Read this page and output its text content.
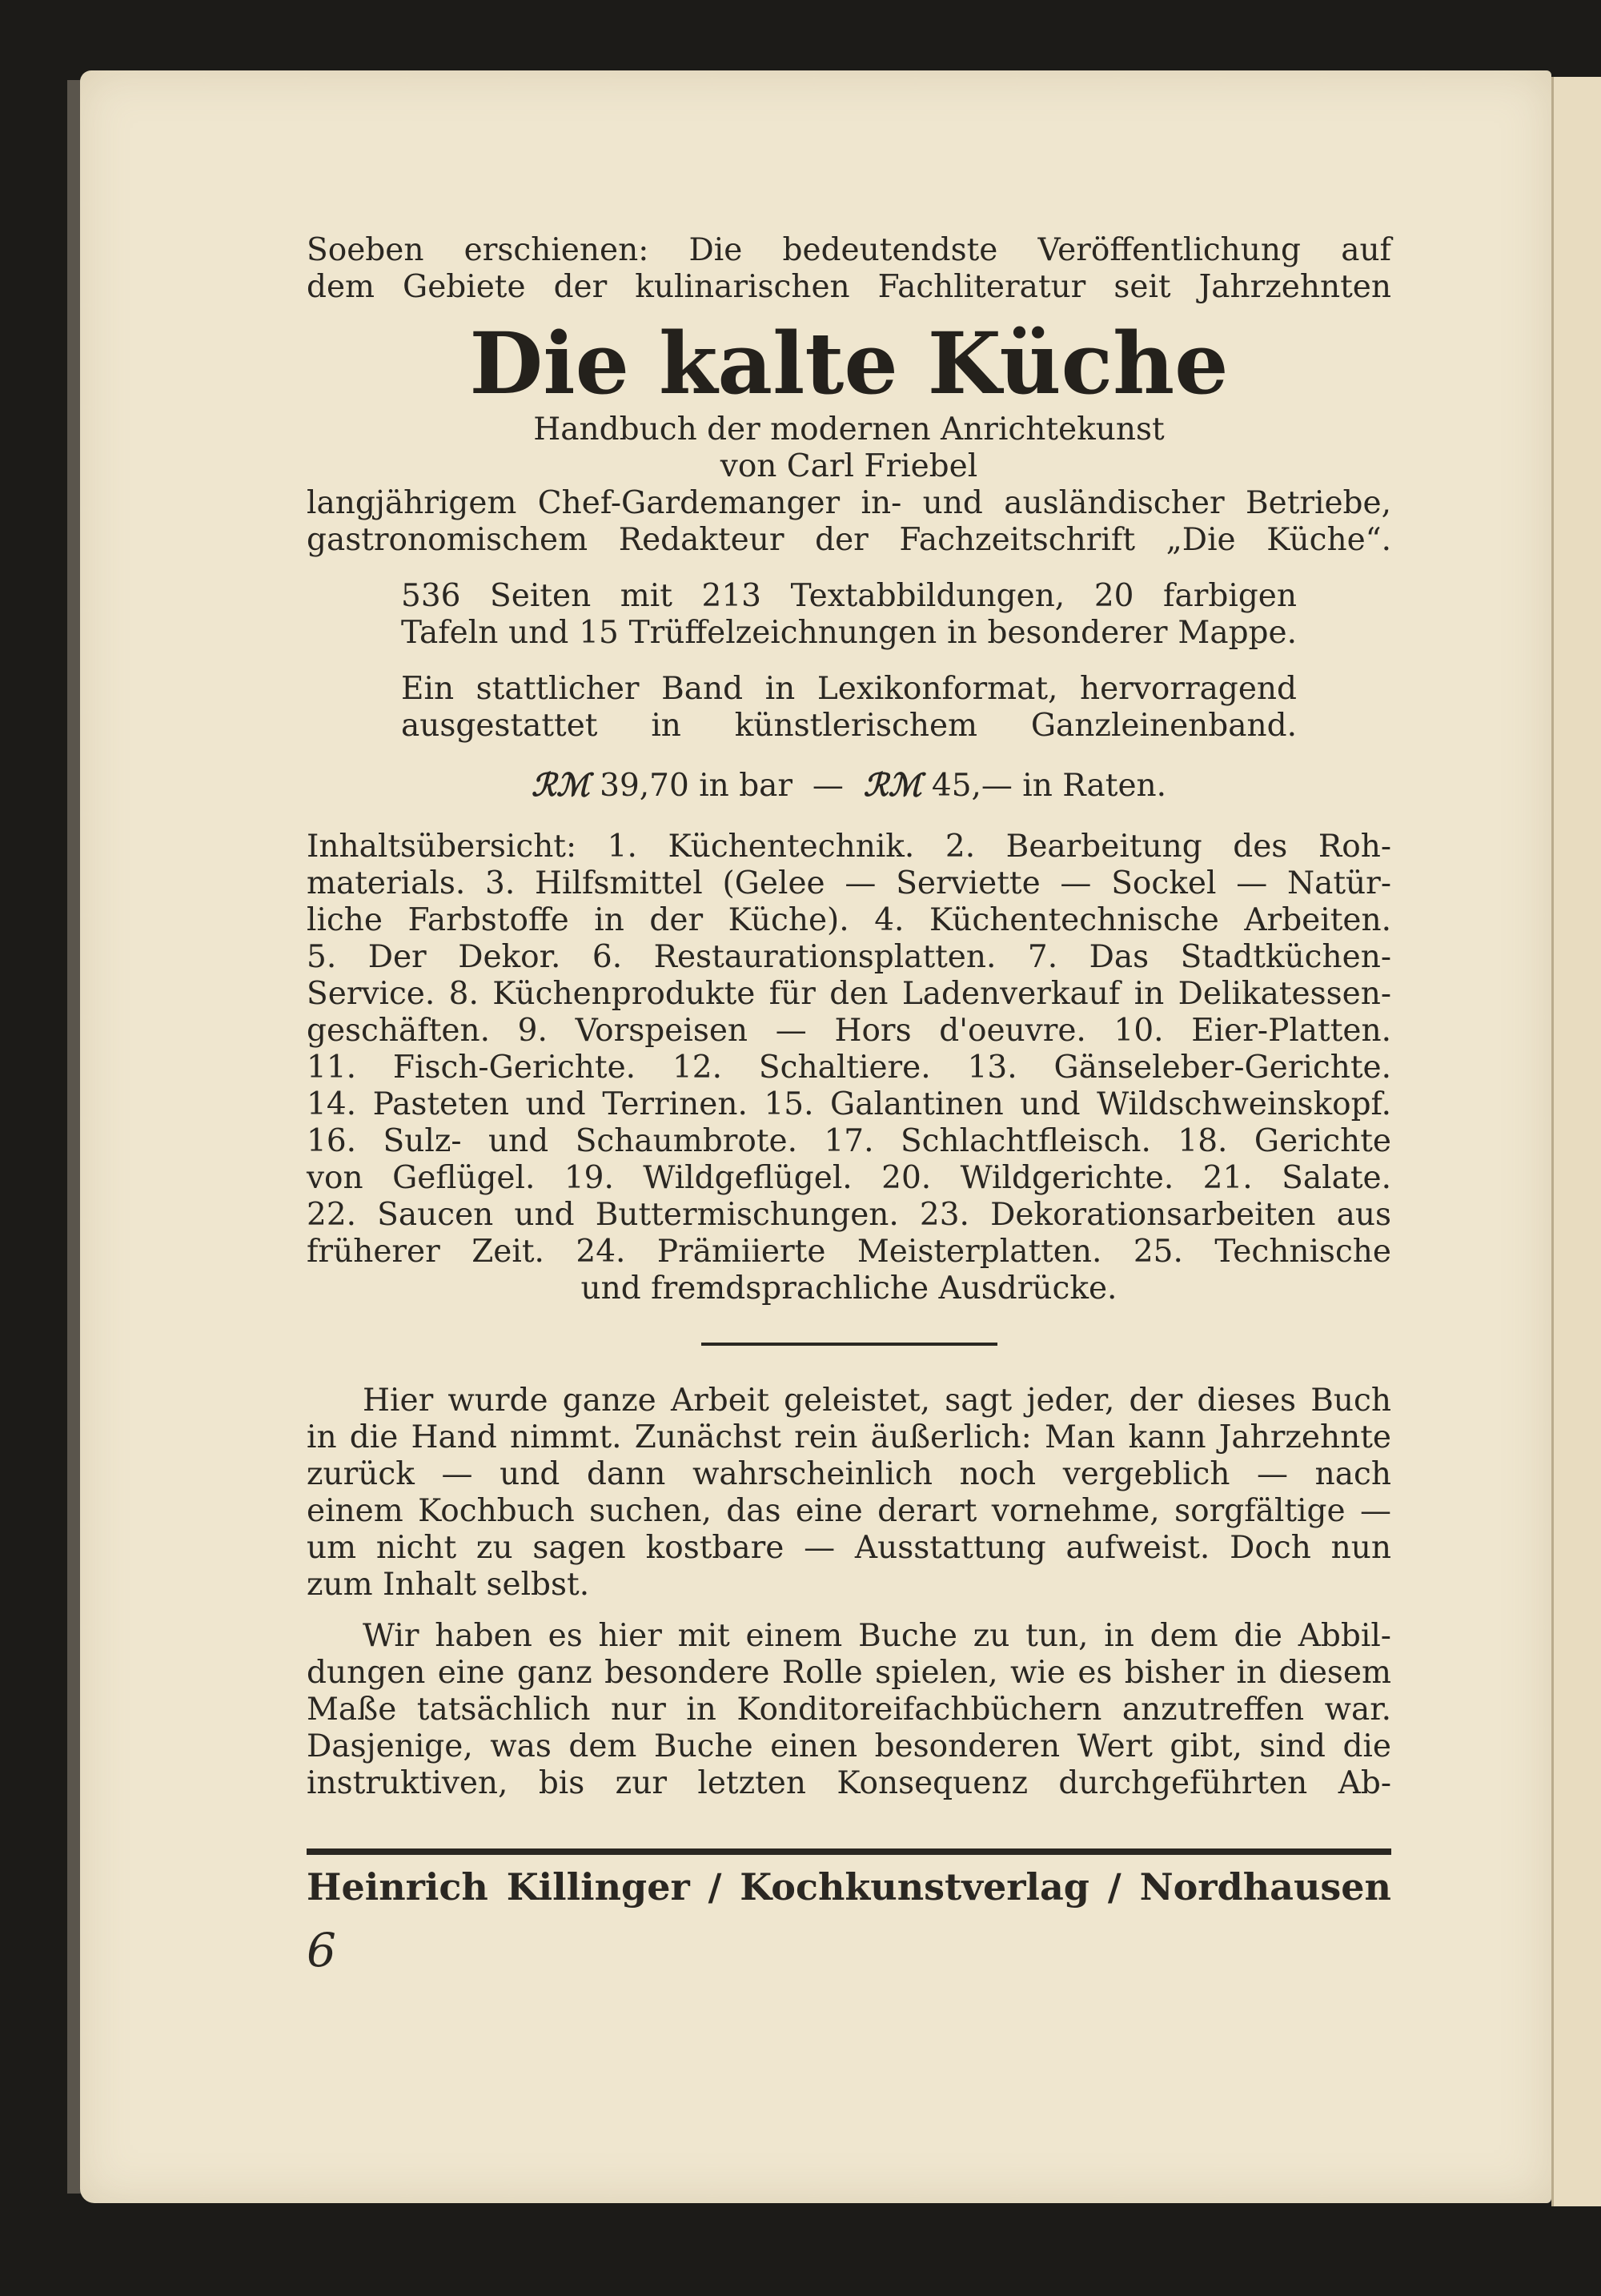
Soeben erschienen: Die bedeutendste Veröffentlichung auf
dem Gebiete der kulinarischen Fachliteratur seit Jahrzehnten
Die kalte Küche
Handbuch der modernen Anrichtekunst
von Carl Friebel
langjährigem Chef-Gardemanger in- und ausländischer Betriebe,
gastronomischem Redakteur der Fachzeitschrift „Die Küche“.
536 Seiten mit 213 Textabbildungen, 20 farbigen
Tafeln und 15 Trüffelzeichnungen in besonderer Mappe.
Ein stattlicher Band in Lexikonformat, hervorragend
ausgestattet in künstlerischem Ganzleinenband.
ℛℳ 39,70 in bar — ℛℳ 45,— in Raten.
Inhaltsübersicht: 1. Küchentechnik. 2. Bearbeitung des Roh-
materials. 3. Hilfsmittel (Gelee — Serviette — Sockel — Natür-
liche Farbstoffe in der Küche). 4. Küchentechnische Arbeiten.
5. Der Dekor. 6. Restaurationsplatten. 7. Das Stadtküchen-
Service. 8. Küchenprodukte für den Ladenverkauf in Delikatessen-
geschäften. 9. Vorspeisen — Hors d'oeuvre. 10. Eier-Platten.
11. Fisch-Gerichte. 12. Schaltiere. 13. Gänseleber-Gerichte.
14. Pasteten und Terrinen. 15. Galantinen und Wildschweinskopf.
16. Sulz- und Schaumbrote. 17. Schlachtfleisch. 18. Gerichte
von Geflügel. 19. Wildgeflügel. 20. Wildgerichte. 21. Salate.
22. Saucen und Buttermischungen. 23. Dekorationsarbeiten aus
früherer Zeit. 24. Prämiierte Meisterplatten. 25. Technische
und fremdsprachliche Ausdrücke.
Hier wurde ganze Arbeit geleistet, sagt jeder, der dieses Buch
in die Hand nimmt. Zunächst rein äußerlich: Man kann Jahrzehnte
zurück — und dann wahrscheinlich noch vergeblich — nach
einem Kochbuch suchen, das eine derart vornehme, sorgfältige —
um nicht zu sagen kostbare — Ausstattung aufweist. Doch nun
zum Inhalt selbst.
Wir haben es hier mit einem Buche zu tun, in dem die Abbil-
dungen eine ganz besondere Rolle spielen, wie es bisher in diesem
Maße tatsächlich nur in Konditoreifachbüchern anzutreffen war.
Dasjenige, was dem Buche einen besonderen Wert gibt, sind die
instruktiven, bis zur letzten Konsequenz durchgeführten Ab-
Heinrich Killinger / Kochkunstverlag / Nordhausen
6
